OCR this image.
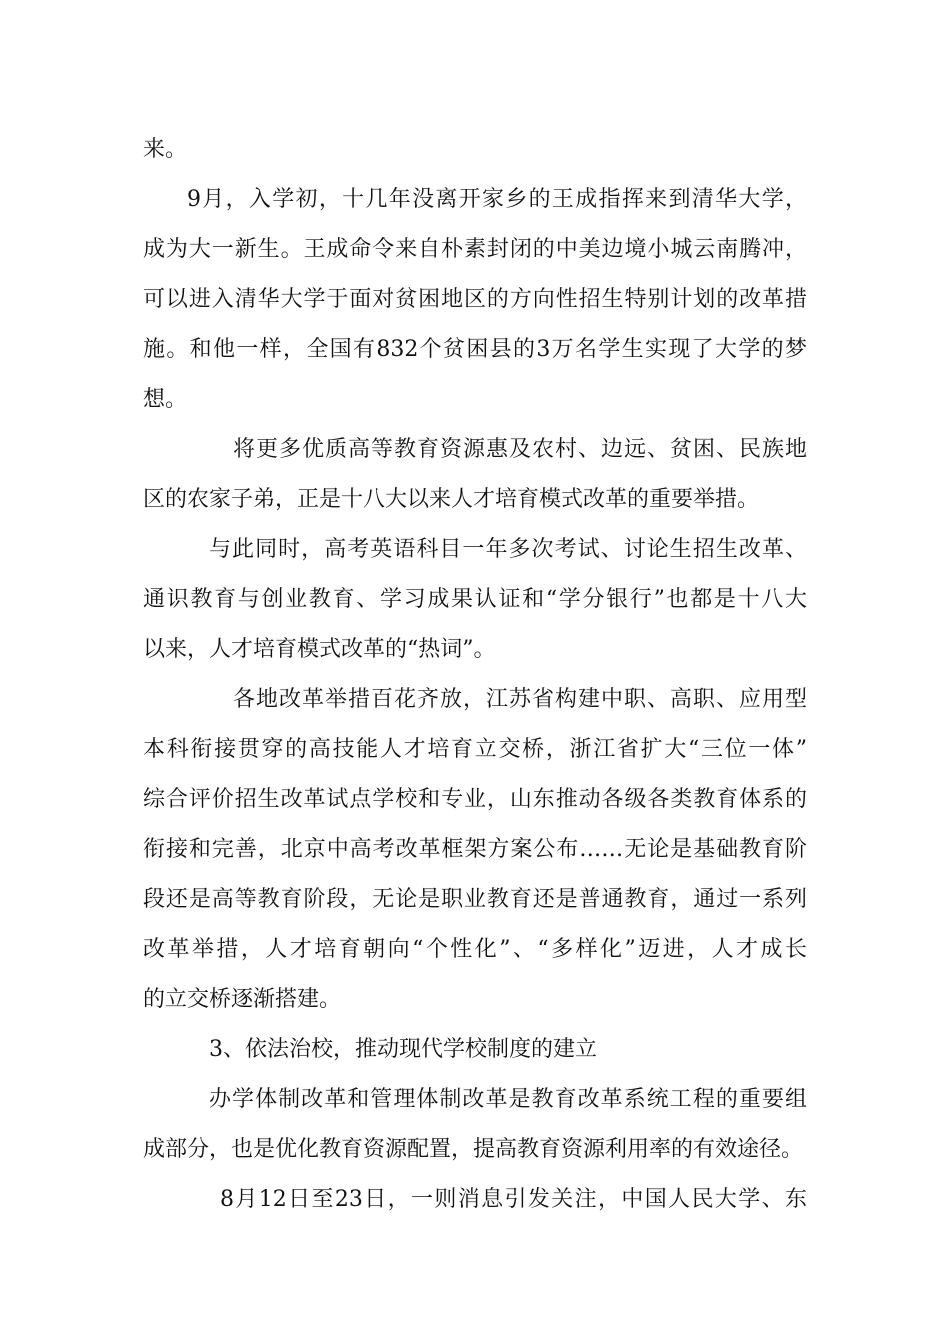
来。
9月，入学初，十几年没离开家乡的王成指挥来到清华大学，
成为大一新生。王成命令来自朴素封闭的中美边境小城云南腾冲，
可以进入清华大学于面对贫困地区的方向性招生特别计划的改革措
施。和他一样，全国有832个贫困县的3万名学生实现了大学的梦
想。
将更多优质高等教育资源惠及农村、边远、贫困、民族地
区的农家子弟，正是十八大以来人才培育模式改革的重要举措。
与此同时，高考英语科目一年多次考试、讨论生招生改革、
通识教育与创业教育、学习成果认证和“学分银行”也都是十八大
以来，人才培育模式改革的“热词”。
各地改革举措百花齐放，江苏省构建中职、高职、应用型
本科衔接贯穿的高技能人才培育立交桥，浙江省扩大“三位一体”
综合评价招生改革试点学校和专业，山东推动各级各类教育体系的
衔接和完善，北京中高考改革框架方案公布……无论是基础教育阶
段还是高等教育阶段，无论是职业教育还是普通教育，通过一系列
改革举措，人才培育朝向“个性化”、“多样化”迈进，人才成长
的立交桥逐渐搭建。
3、依法治校，推动现代学校制度的建立
办学体制改革和管理体制改革是教育改革系统工程的重要组
成部分，也是优化教育资源配置，提高教育资源利用率的有效途径。
8月12日至23日，一则消息引发关注，中国人民大学、东
